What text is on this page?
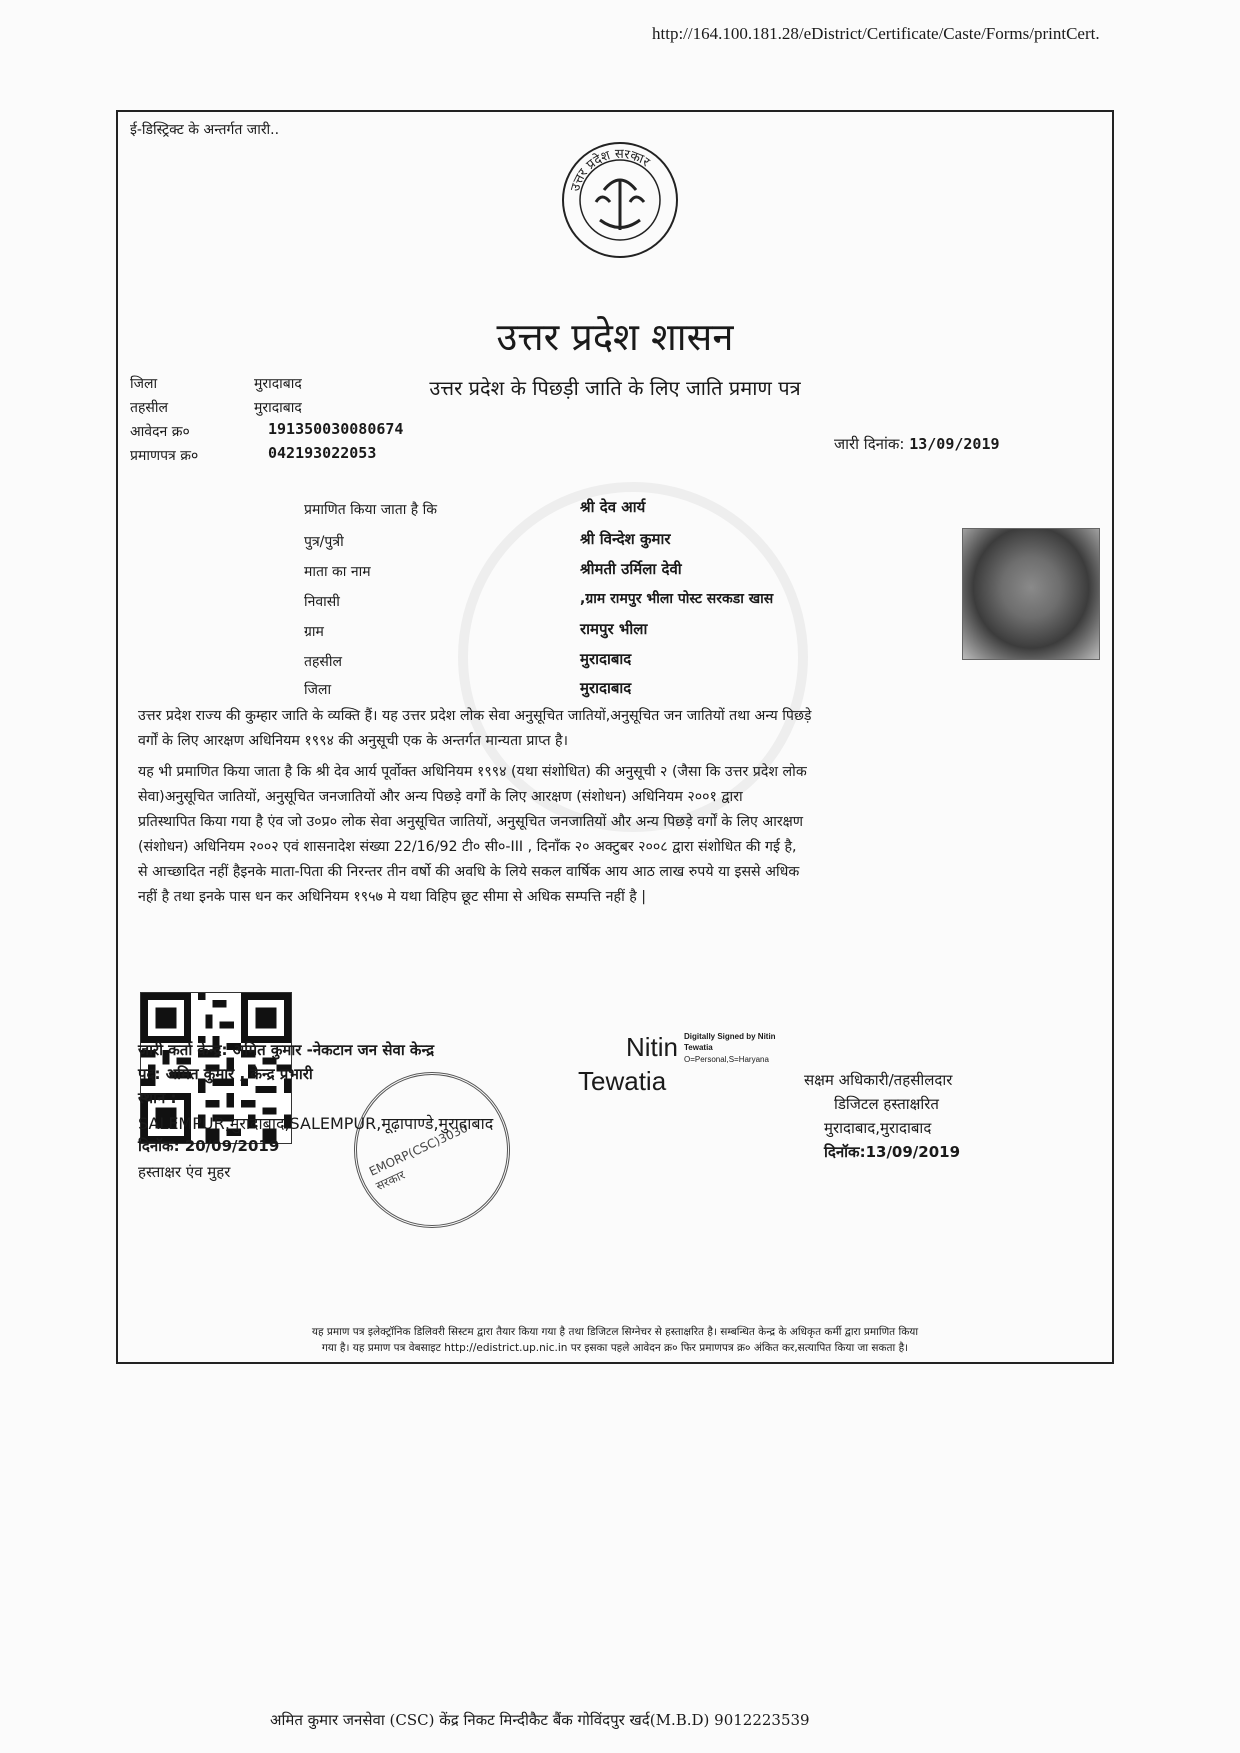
http://164.100.181.28/eDistrict/Certificate/Caste/Forms/printCert.
ई-डिस्ट्रिक्ट के अन्तर्गत जारी..
उत्तर प्रदेश सरकार
उत्तर प्रदेश शासन
उत्तर प्रदेश के पिछड़ी जाति के लिए जाति प्रमाण पत्र
जिला	मुरादाबाद
तहसील	मुरादाबाद
आवेदन क्र०	191350030080674
प्रमाणपत्र क्र०	042193022053	जारी दिनांक: 13/09/2019
प्रमाणित किया जाता है कि	श्री देव आर्य
पुत्र/पुत्री	श्री विन्देश कुमार
माता का नाम	श्रीमती उर्मिला देवी
निवासी	,ग्राम रामपुर भीला पोस्ट सरकडा खास
ग्राम	रामपुर भीला
तहसील	मुरादाबाद
जिला	मुरादाबाद
उत्तर प्रदेश राज्य की कुम्हार जाति के व्यक्ति हैं। यह उत्तर प्रदेश लोक सेवा अनुसूचित जातियों,अनुसूचित जन जातियों तथा अन्य पिछड़े
वर्गों के लिए आरक्षण अधिनियम १९९४ की अनुसूची एक के अन्तर्गत मान्यता प्राप्त है।
यह भी प्रमाणित किया जाता है कि श्री देव आर्य पूर्वोक्त अधिनियम १९९४ (यथा संशोधित) की अनुसूची २ (जैसा कि उत्तर प्रदेश लोक
सेवा)अनुसूचित जातियों, अनुसूचित जनजातियों और अन्य पिछड़े वर्गों के लिए आरक्षण (संशोधन) अधिनियम २००१ द्वारा
प्रतिस्थापित किया गया है एंव जो उ०प्र० लोक सेवा अनुसूचित जातियों, अनुसूचित जनजातियों और अन्य पिछड़े वर्गों के लिए आरक्षण
(संशोधन) अधिनियम २००२ एवं शासनादेश संख्या 22/16/92 टी० सी०-III , दिनाँक २० अक्टुबर २००८ द्वारा संशोधित की गई है,
से आच्छादित नहीं हैइनके माता-पिता की निरन्तर तीन वर्षो की अवधि के लिये सकल वार्षिक आय आठ लाख रुपये या इससे अधिक
नहीं है तथा इनके पास धन कर अधिनियम १९५७ मे यथा विहिप छूट सीमा से अधिक सम्पत्ति नहीं है |
EMORP(CSC)3030 सरकार
जारी कर्ता केन्द्र: अमित कुमार -नेकटान जन सेवा केन्द्र
पद: अमित कुमार , केन्द्र प्रभारी
स्थान :
SALEMPUR,मुरादाबाद,SALEMPUR,मूढ़ापाण्डे,मुरादाबाद
दिनॉक: 20/09/2019
हस्ताक्षर एंव मुहर
Nitin
Tewatia
Digitally Signed by Nitin
Tewatia
O=Personal,S=Haryana
सक्षम अधिकारी/तहसीलदार
डिजिटल हस्ताक्षरित
मुरादाबाद,मुरादाबाद
दिनॉक:13/09/2019
यह प्रमाण पत्र इलेक्ट्रॉनिक डिलिवरी सिस्टम द्वारा तैयार किया गया है तथा डिजिटल सिग्नेचर से हस्ताक्षरित है। सम्बन्धित केन्द्र के अधिकृत कर्मी द्वारा प्रमाणित किया
गया है। यह प्रमाण पत्र वेबसाइट http://edistrict.up.nic.in पर इसका पहले आवेदन क्र० फिर प्रमाणपत्र क्र० अंकित कर,सत्यापित किया जा सकता है।
अमित कुमार जनसेवा (CSC) केंद्र निकट मिन्दीकैट बैंक गोविंदपुर खर्द(M.B.D) 9012223539
